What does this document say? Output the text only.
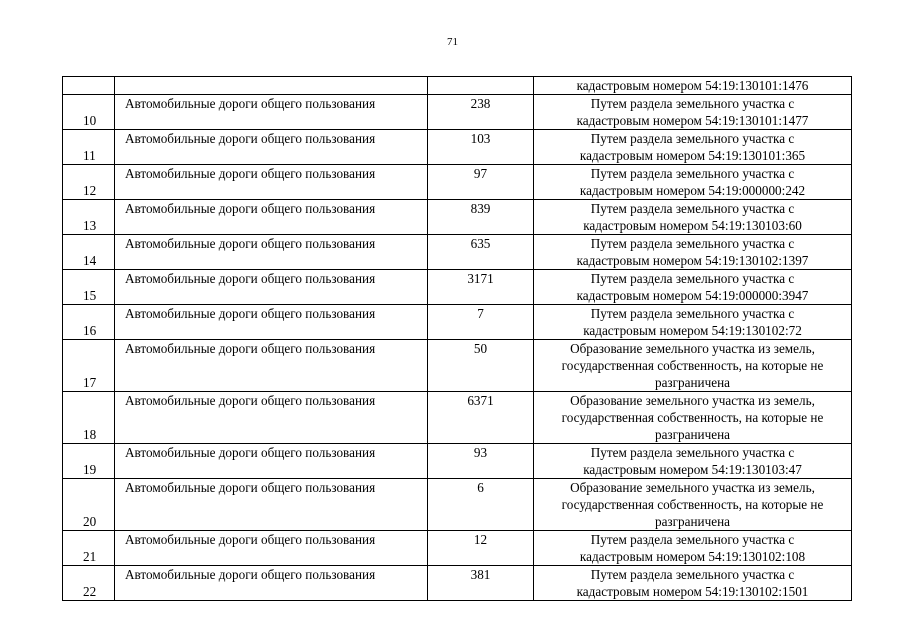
71
			кадастровым номером 54:19:130101:1476
10	Автомобильные дороги общего пользования	238	Путем раздела земельного участка с
кадастровым номером 54:19:130101:1477

11	Автомобильные дороги общего пользования	103	Путем раздела земельного участка с
кадастровым номером 54:19:130101:365

12	Автомобильные дороги общего пользования	97	Путем раздела земельного участка с
кадастровым номером 54:19:000000:242

13	Автомобильные дороги общего пользования	839	Путем раздела земельного участка с
кадастровым номером 54:19:130103:60

14	Автомобильные дороги общего пользования	635	Путем раздела земельного участка с
кадастровым номером 54:19:130102:1397

15	Автомобильные дороги общего пользования	3171	Путем раздела земельного участка с
кадастровым номером 54:19:000000:3947

16	Автомобильные дороги общего пользования	7	Путем раздела земельного участка с
кадастровым номером 54:19:130102:72

17	Автомобильные дороги общего пользования	50	Образование земельного участка из земель,
государственная собственность, на которые не
разграничена

18	Автомобильные дороги общего пользования	6371	Образование земельного участка из земель,
государственная собственность, на которые не
разграничена

19	Автомобильные дороги общего пользования	93	Путем раздела земельного участка с
кадастровым номером 54:19:130103:47

20	Автомобильные дороги общего пользования	6	Образование земельного участка из земель,
государственная собственность, на которые не
разграничена

21	Автомобильные дороги общего пользования	12	Путем раздела земельного участка с
кадастровым номером 54:19:130102:108

22	Автомобильные дороги общего пользования	381	Путем раздела земельного участка с
кадастровым номером 54:19:130102:1501
